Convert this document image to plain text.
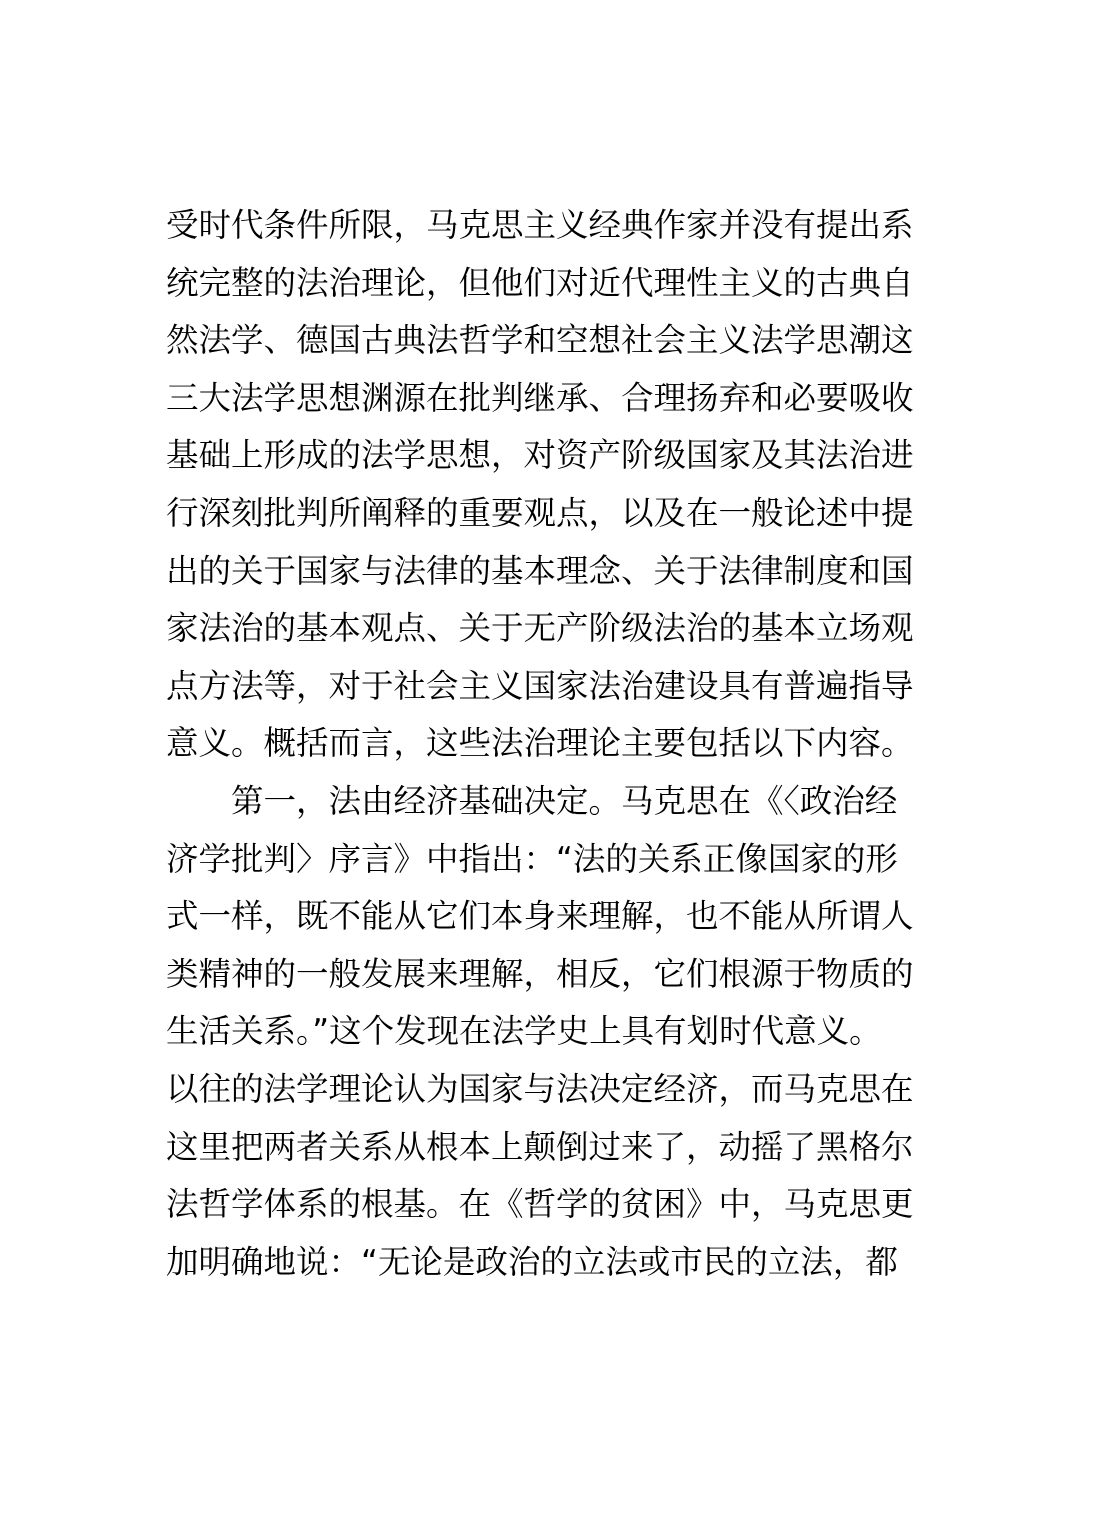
受时代条件所限，马克思主义经典作家并没有提出系
统完整的法治理论，但他们对近代理性主义的古典自
然法学、德国古典法哲学和空想社会主义法学思潮这
三大法学思想渊源在批判继承、合理扬弃和必要吸收
基础上形成的法学思想，对资产阶级国家及其法治进
行深刻批判所阐释的重要观点，以及在一般论述中提
出的关于国家与法律的基本理念、关于法律制度和国
家法治的基本观点、关于无产阶级法治的基本立场观
点方法等，对于社会主义国家法治建设具有普遍指导
意义。概括而言，这些法治理论主要包括以下内容。
第一，法由经济基础决定。马克思在《〈政治经
济学批判〉序言》中指出：“法的关系正像国家的形
式一样，既不能从它们本身来理解，也不能从所谓人
类精神的一般发展来理解，相反，它们根源于物质的
生活关系。”这个发现在法学史上具有划时代意义。
以往的法学理论认为国家与法决定经济，而马克思在
这里把两者关系从根本上颠倒过来了，动摇了黑格尔
法哲学体系的根基。在《哲学的贫困》中，马克思更
加明确地说：“无论是政治的立法或市民的立法，都
